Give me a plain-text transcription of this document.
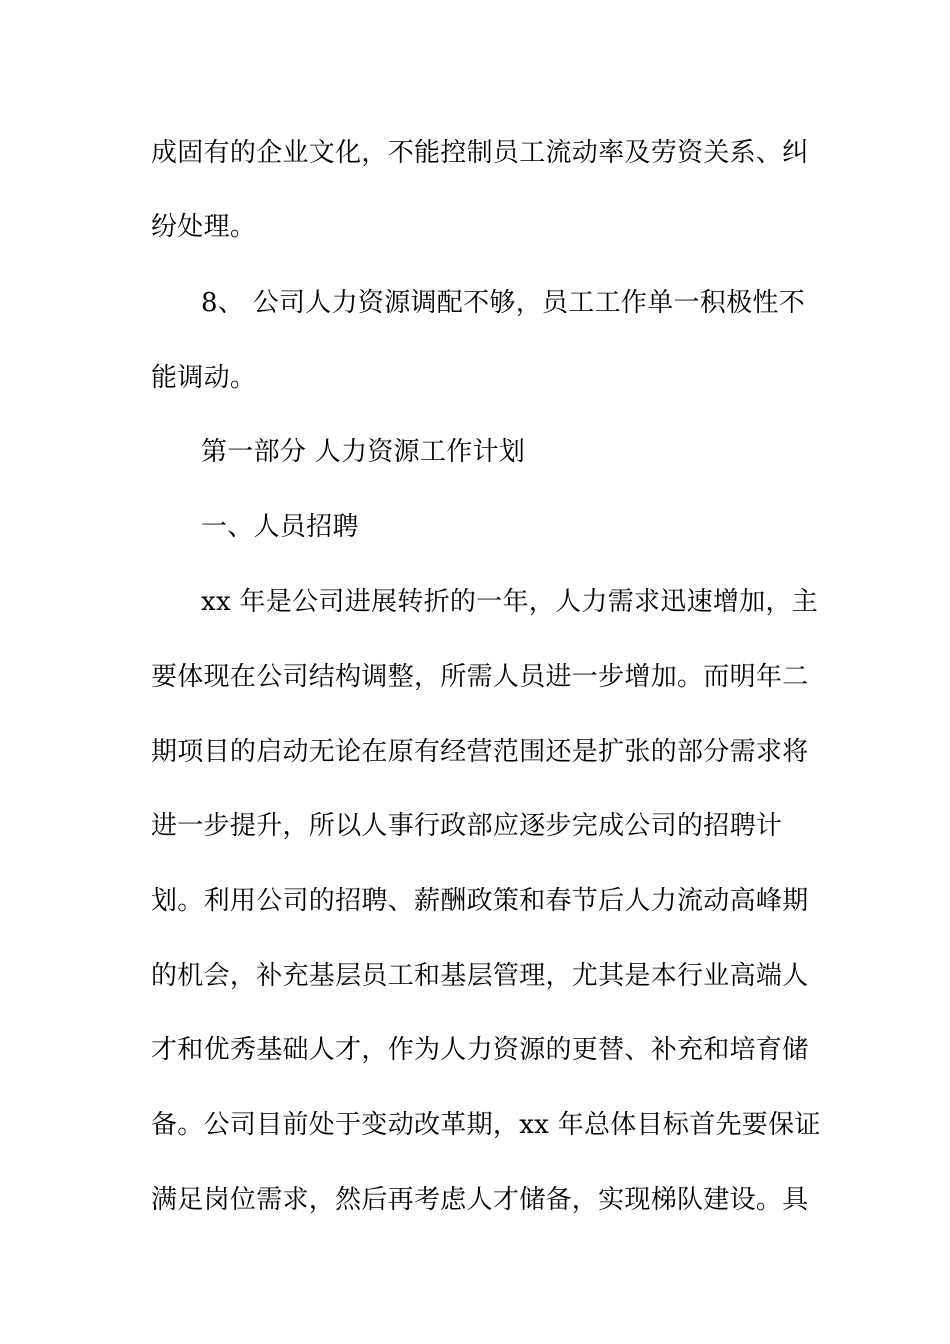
成固有的企业文化，不能控制员工流动率及劳资关系、纠
纷处理。
8、 公司人力资源调配不够，员工工作单一积极性不
能调动。
第一部分 人力资源工作计划
一、人员招聘
xx 年是公司进展转折的一年，人力需求迅速增加，主
要体现在公司结构调整，所需人员进一步增加。而明年二
期项目的启动无论在原有经营范围还是扩张的部分需求将
进一步提升，所以人事行政部应逐步完成公司的招聘计
划。利用公司的招聘、薪酬政策和春节后人力流动高峰期
的机会，补充基层员工和基层管理，尤其是本行业高端人
才和优秀基础人才，作为人力资源的更替、补充和培育储
备。公司目前处于变动改革期，xx 年总体目标首先要保证
满足岗位需求，然后再考虑人才储备，实现梯队建设。具
